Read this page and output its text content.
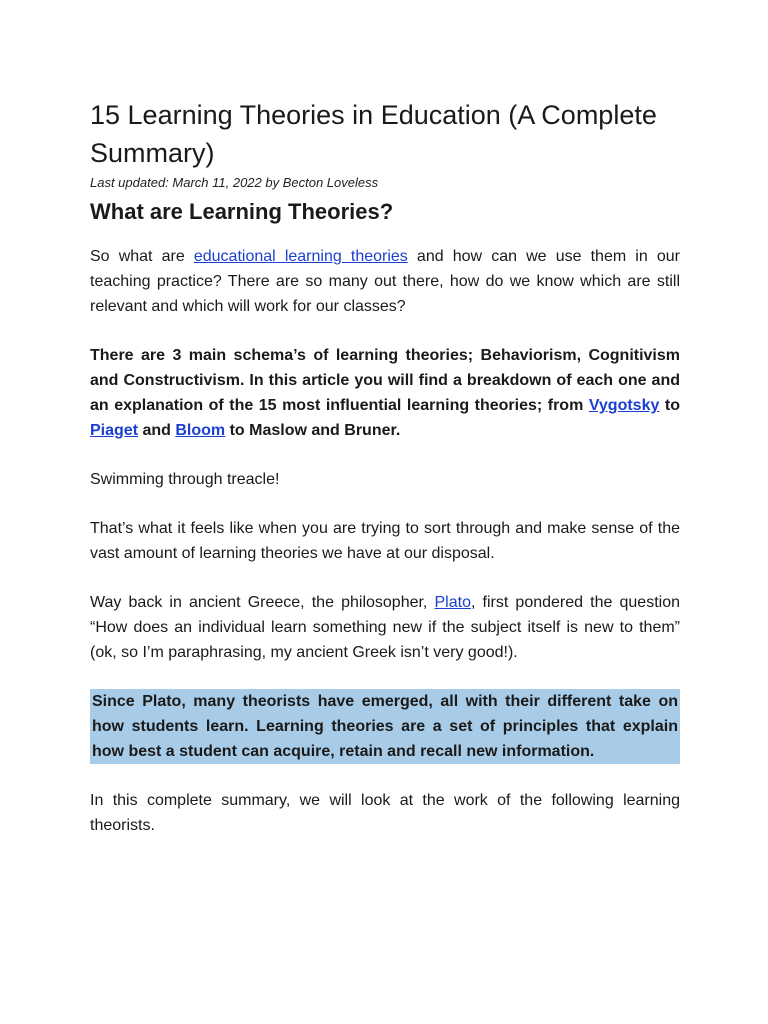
15 Learning Theories in Education (A Complete Summary)
Last updated: March 11, 2022 by Becton Loveless
What are Learning Theories?

So what are educational learning theories and how can we use them in our teaching practice? There are so many out there, how do we know which are still relevant and which will work for our classes?

There are 3 main schema’s of learning theories; Behaviorism, Cognitivism and Constructivism. In this article you will find a breakdown of each one and an explanation of the 15 most influential learning theories; from Vygotsky to Piaget and Bloom to Maslow and Bruner.

Swimming through treacle!

That’s what it feels like when you are trying to sort through and make sense of the vast amount of learning theories we have at our disposal.

Way back in ancient Greece, the philosopher, Plato, first pondered the question “How does an individual learn something new if the subject itself is new to them” (ok, so I’m paraphrasing, my ancient Greek isn’t very good!).

Since Plato, many theorists have emerged, all with their different take on how students learn. Learning theories are a set of principles that explain how best a student can acquire, retain and recall new information.

In this complete summary, we will look at the work of the following learning theorists.
